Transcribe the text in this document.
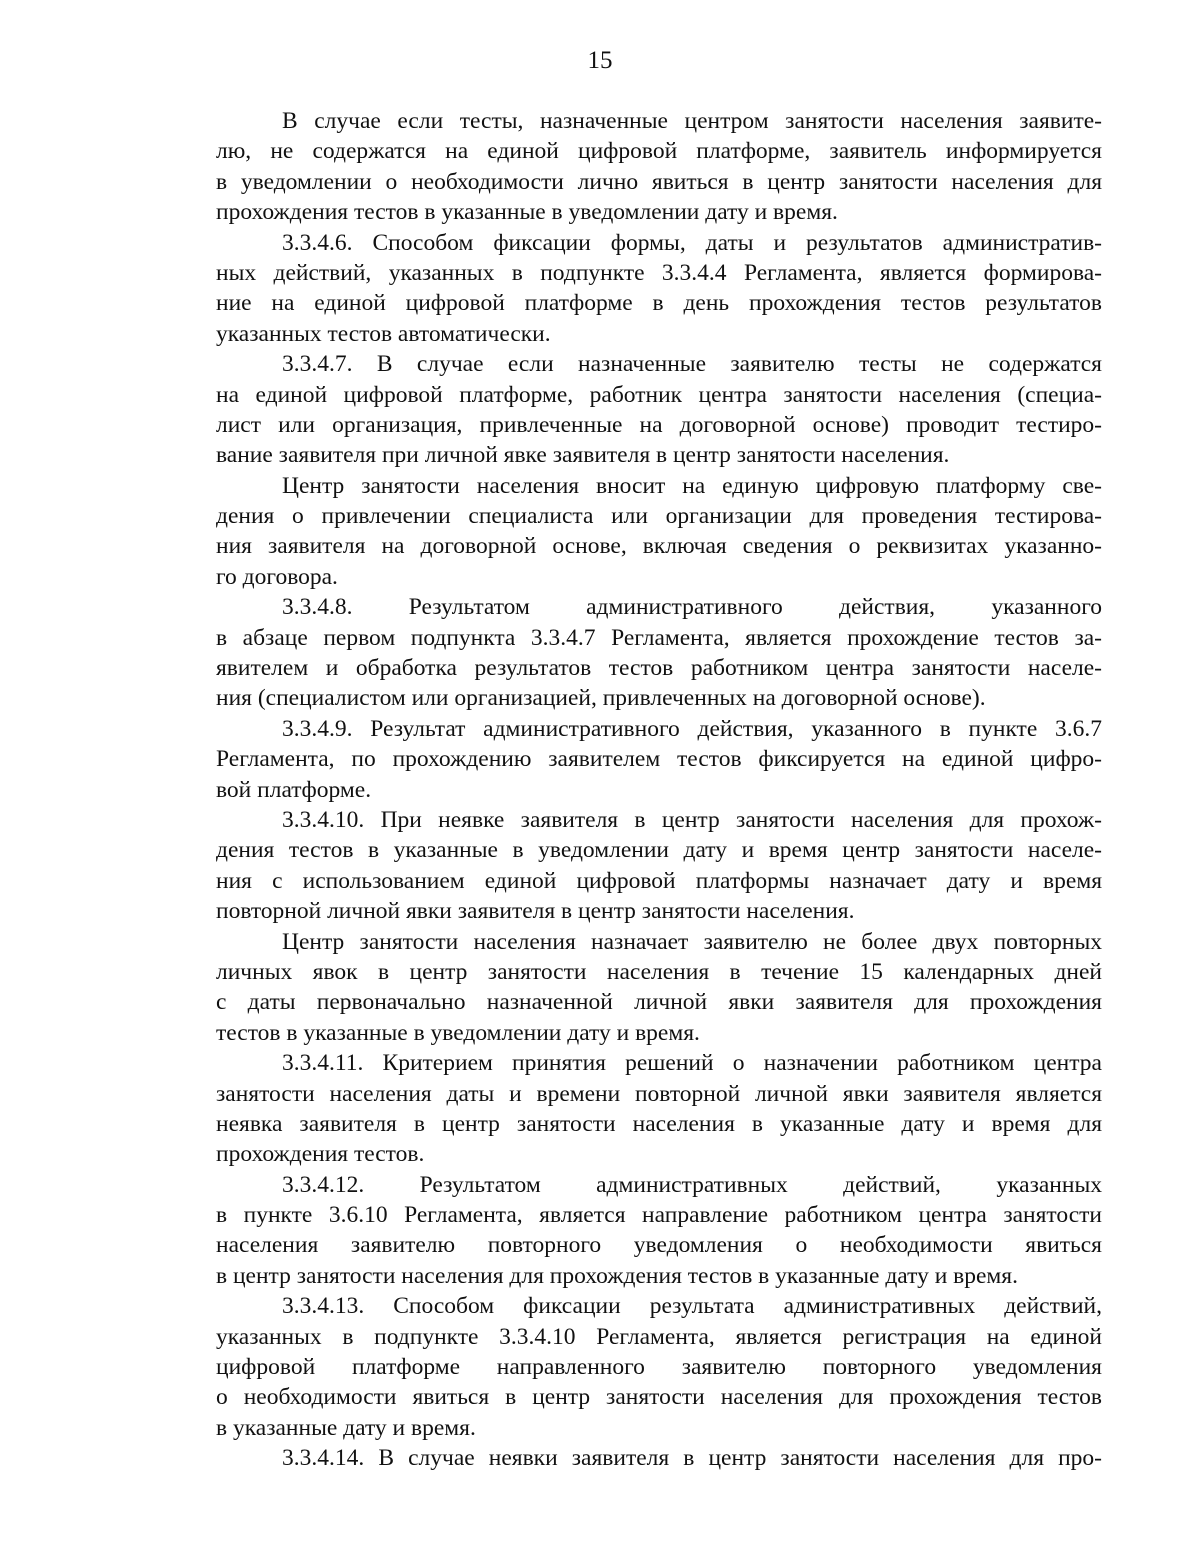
15
В случае если тесты, назначенные центром занятости населения заявите-
лю, не содержатся на единой цифровой платформе, заявитель информируется
в уведомлении о необходимости лично явиться в центр занятости населения для
прохождения тестов в указанные в уведомлении дату и время.
3.3.4.6. Способом фиксации формы, даты и результатов административ-
ных действий, указанных в подпункте 3.3.4.4 Регламента, является формирова-
ние на единой цифровой платформе в день прохождения тестов результатов
указанных тестов автоматически.
3.3.4.7. В случае если назначенные заявителю тесты не содержатся
на единой цифровой платформе, работник центра занятости населения (специа-
лист или организация, привлеченные на договорной основе) проводит тестиро-
вание заявителя при личной явке заявителя в центр занятости населения.
Центр занятости населения вносит на единую цифровую платформу све-
дения о привлечении специалиста или организации для проведения тестирова-
ния заявителя на договорной основе, включая сведения о реквизитах указанно-
го договора.
3.3.4.8. Результатом административного действия, указанного
в абзаце первом подпункта 3.3.4.7 Регламента, является прохождение тестов за-
явителем и обработка результатов тестов работником центра занятости населе-
ния (специалистом или организацией, привлеченных на договорной основе).
3.3.4.9. Результат административного действия, указанного в пункте 3.6.7
Регламента, по прохождению заявителем тестов фиксируется на единой цифро-
вой платформе.
3.3.4.10. При неявке заявителя в центр занятости населения для прохож-
дения тестов в указанные в уведомлении дату и время центр занятости населе-
ния с использованием единой цифровой платформы назначает дату и время
повторной личной явки заявителя в центр занятости населения.
Центр занятости населения назначает заявителю не более двух повторных
личных явок в центр занятости населения в течение 15 календарных дней
с даты первоначально назначенной личной явки заявителя для прохождения
тестов в указанные в уведомлении дату и время.
3.3.4.11. Критерием принятия решений о назначении работником центра
занятости населения даты и времени повторной личной явки заявителя является
неявка заявителя в центр занятости населения в указанные дату и время для
прохождения тестов.
3.3.4.12. Результатом административных действий, указанных
в пункте 3.6.10 Регламента, является направление работником центра занятости
населения заявителю повторного уведомления о необходимости явиться
в центр занятости населения для прохождения тестов в указанные дату и время.
3.3.4.13. Способом фиксации результата административных действий,
указанных в подпункте 3.3.4.10 Регламента, является регистрация на единой
цифровой платформе направленного заявителю повторного уведомления
о необходимости явиться в центр занятости населения для прохождения тестов
в указанные дату и время.
3.3.4.14. В случае неявки заявителя в центр занятости населения для про-
